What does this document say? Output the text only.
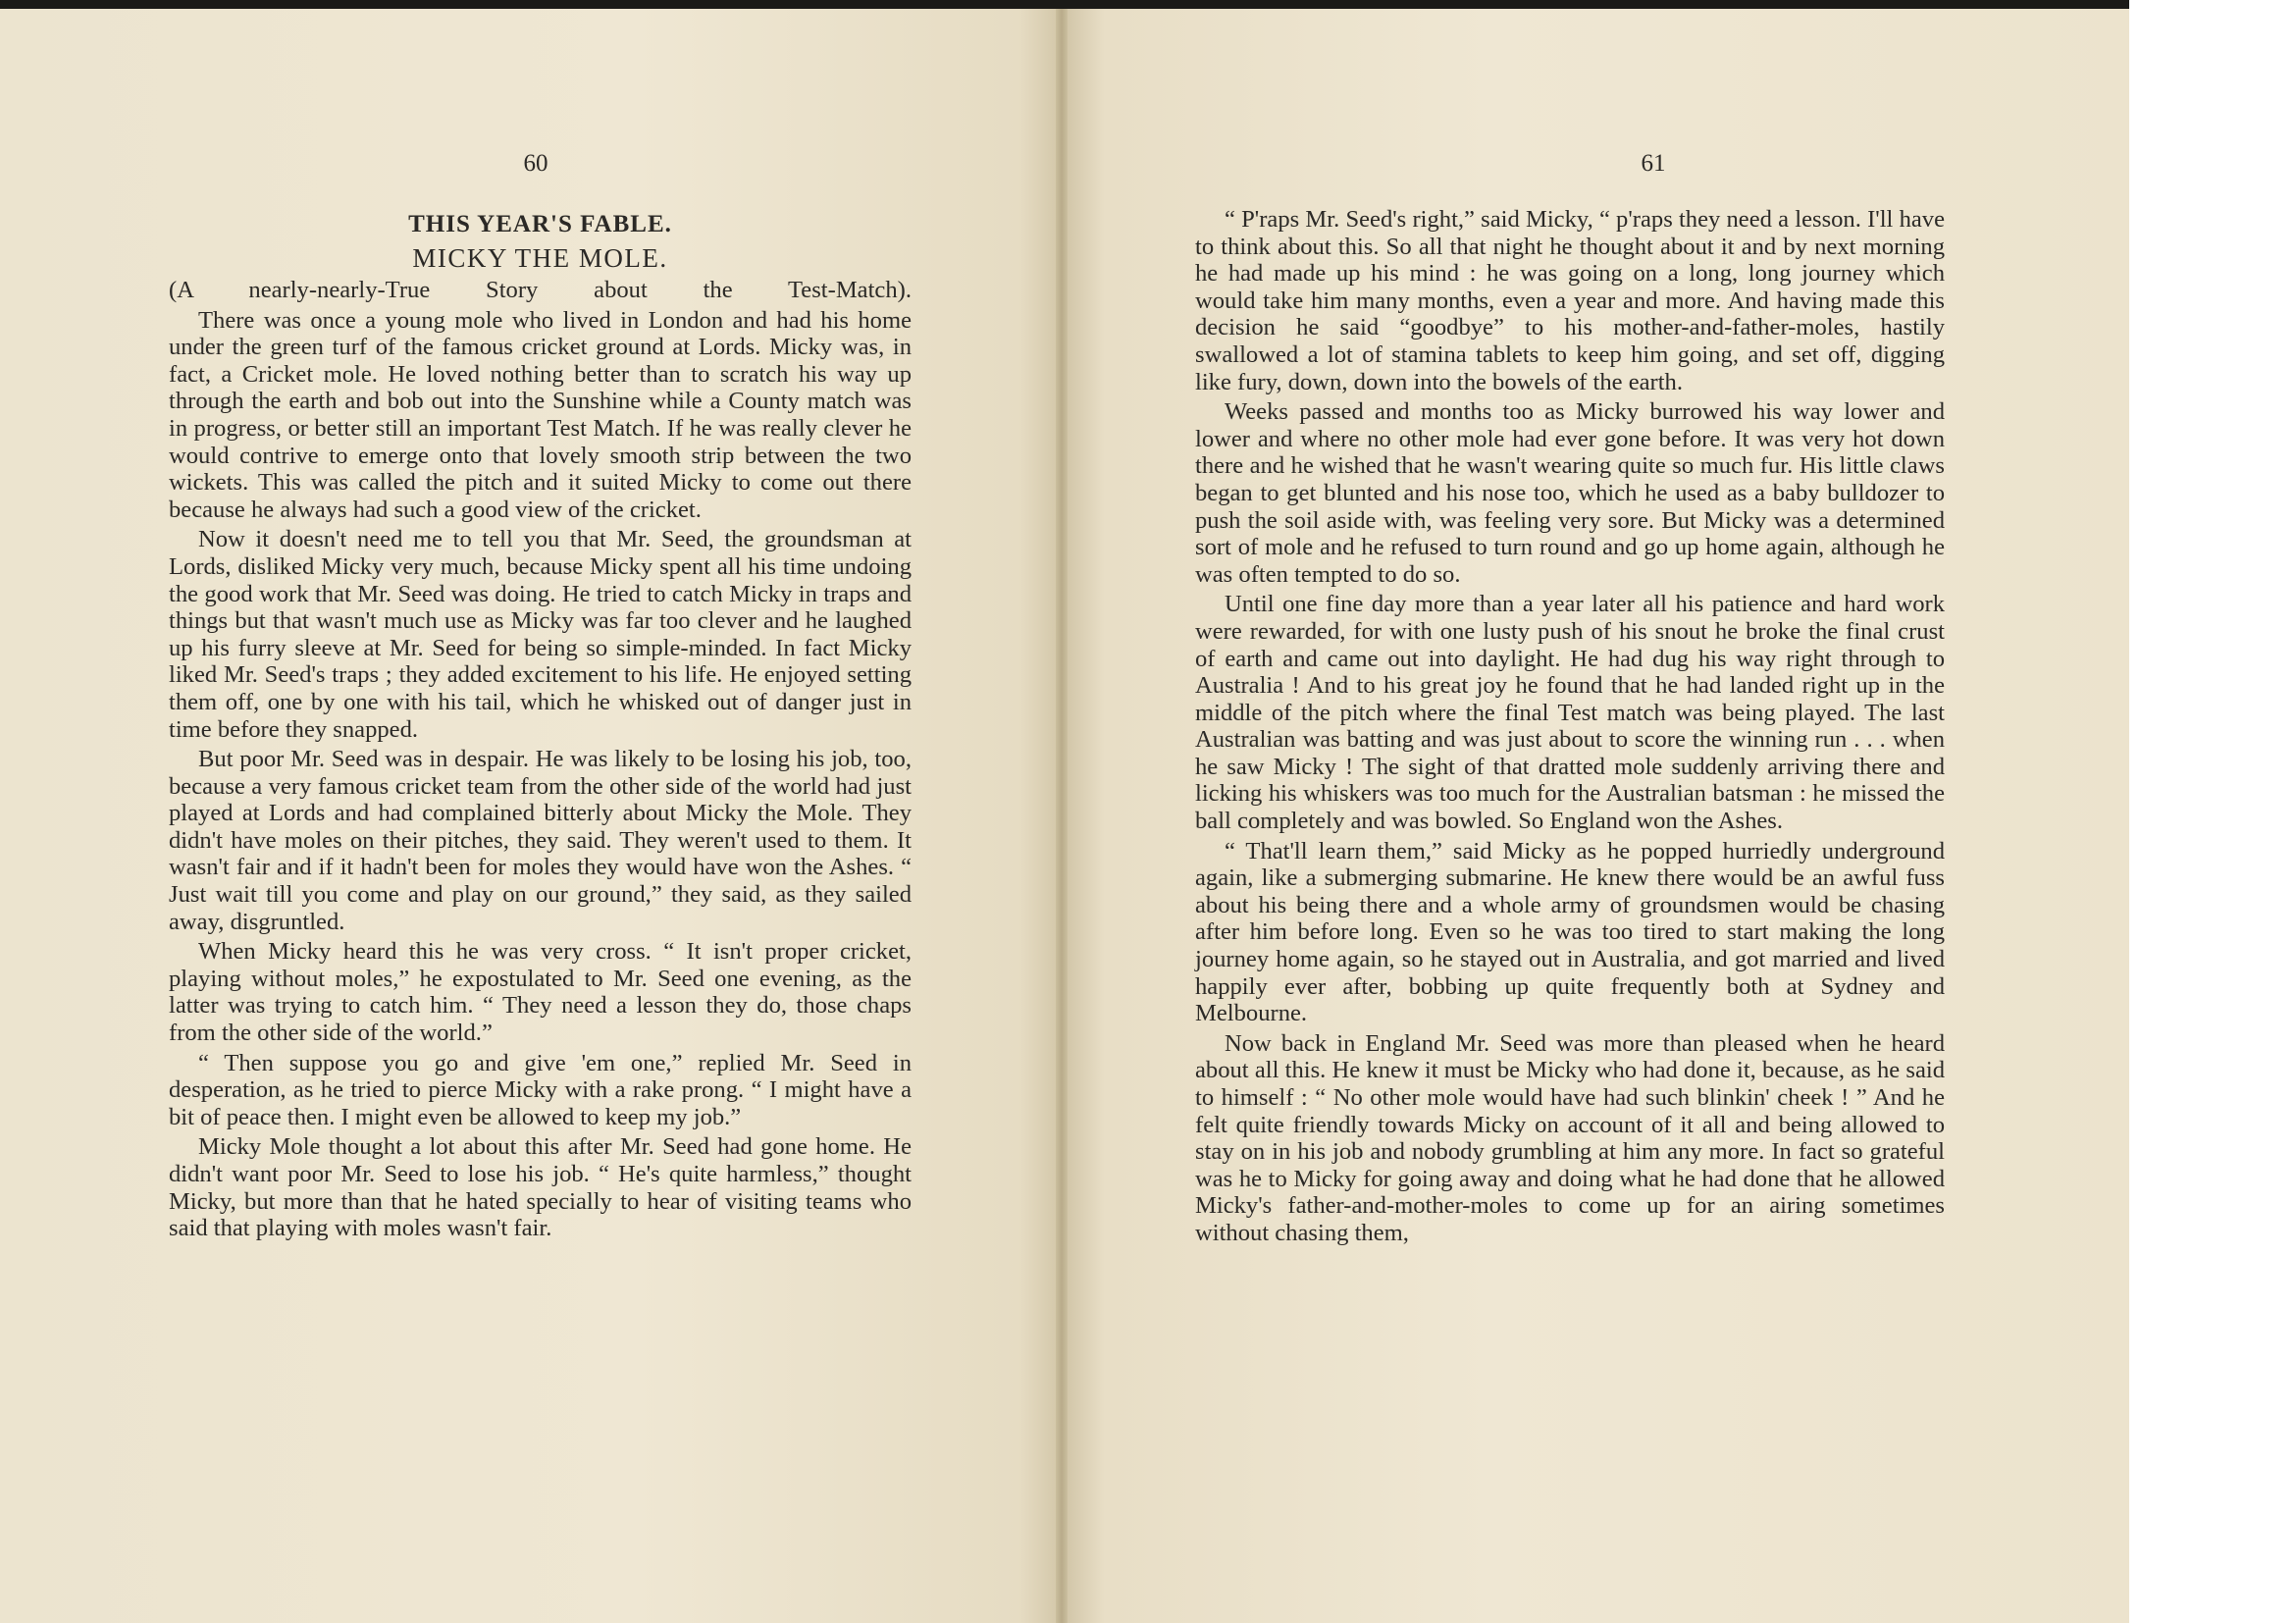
60	61
THIS YEAR'S FABLE.
MICKY THE MOLE.

(A nearly-nearly-True Story about the Test-Match).

There was once a young mole who lived in London and had his home under the green turf of the famous cricket ground at Lords. Micky was, in fact, a Cricket mole. He loved nothing better than to scratch his way up through the earth and bob out into the Sunshine while a County match was in progress, or better still an important Test Match. If he was really clever he would contrive to emerge onto that lovely smooth strip between the two wickets. This was called the pitch and it suited Micky to come out there because he always had such a good view of the cricket.

Now it doesn't need me to tell you that Mr. Seed, the groundsman at Lords, disliked Micky very much, because Micky spent all his time undoing the good work that Mr. Seed was doing. He tried to catch Micky in traps and things but that wasn't much use as Micky was far too clever and he laughed up his furry sleeve at Mr. Seed for being so simple-minded. In fact Micky liked Mr. Seed's traps ; they added excitement to his life. He enjoyed setting them off, one by one with his tail, which he whisked out of danger just in time before they snapped.

But poor Mr. Seed was in despair. He was likely to be losing his job, too, because a very famous cricket team from the other side of the world had just played at Lords and had complained bitterly about Micky the Mole. They didn't have moles on their pitches, they said. They weren't used to them. It wasn't fair and if it hadn't been for moles they would have won the Ashes. “ Just wait till you come and play on our ground,” they said, as they sailed away, disgruntled.

When Micky heard this he was very cross. “ It isn't proper cricket, playing without moles,” he expostulated to Mr. Seed one evening, as the latter was trying to catch him. “ They need a lesson they do, those chaps from the other side of the world.”

“ Then suppose you go and give 'em one,” replied Mr. Seed in desperation, as he tried to pierce Micky with a rake prong. “ I might have a bit of peace then. I might even be allowed to keep my job.”

Micky Mole thought a lot about this after Mr. Seed had gone home. He didn't want poor Mr. Seed to lose his job. “ He's quite harmless,” thought Micky, but more than that he hated specially to hear of visiting teams who said that playing with moles wasn't fair.

“ P'raps Mr. Seed's right,” said Micky, “ p'raps they need a lesson. I'll have to think about this. So all that night he thought about it and by next morning he had made up his mind : he was going on a long, long journey which would take him many months, even a year and more. And having made this decision he said “goodbye” to his mother-and-father-moles, hastily swallowed a lot of stamina tablets to keep him going, and set off, digging like fury, down, down into the bowels of the earth.

Weeks passed and months too as Micky burrowed his way lower and lower and where no other mole had ever gone before. It was very hot down there and he wished that he wasn't wearing quite so much fur. His little claws began to get blunted and his nose too, which he used as a baby bulldozer to push the soil aside with, was feeling very sore. But Micky was a determined sort of mole and he refused to turn round and go up home again, although he was often tempted to do so.

Until one fine day more than a year later all his patience and hard work were rewarded, for with one lusty push of his snout he broke the final crust of earth and came out into daylight. He had dug his way right through to Australia ! And to his great joy he found that he had landed right up in the middle of the pitch where the final Test match was being played. The last Australian was batting and was just about to score the winning run . . . when he saw Micky ! The sight of that dratted mole suddenly arriving there and licking his whiskers was too much for the Australian batsman : he missed the ball completely and was bowled. So England won the Ashes.

“ That'll learn them,” said Micky as he popped hurriedly underground again, like a submerging submarine. He knew there would be an awful fuss about his being there and a whole army of groundsmen would be chasing after him before long. Even so he was too tired to start making the long journey home again, so he stayed out in Australia, and got married and lived happily ever after, bobbing up quite frequently both at Sydney and Melbourne.

Now back in England Mr. Seed was more than pleased when he heard about all this. He knew it must be Micky who had done it, because, as he said to himself : “ No other mole would have had such blinkin' cheek ! ” And he felt quite friendly towards Micky on account of it all and being allowed to stay on in his job and nobody grumbling at him any more. In fact so grateful was he to Micky for going away and doing what he had done that he allowed Micky's father-and-mother-moles to come up for an airing sometimes without chasing them,
